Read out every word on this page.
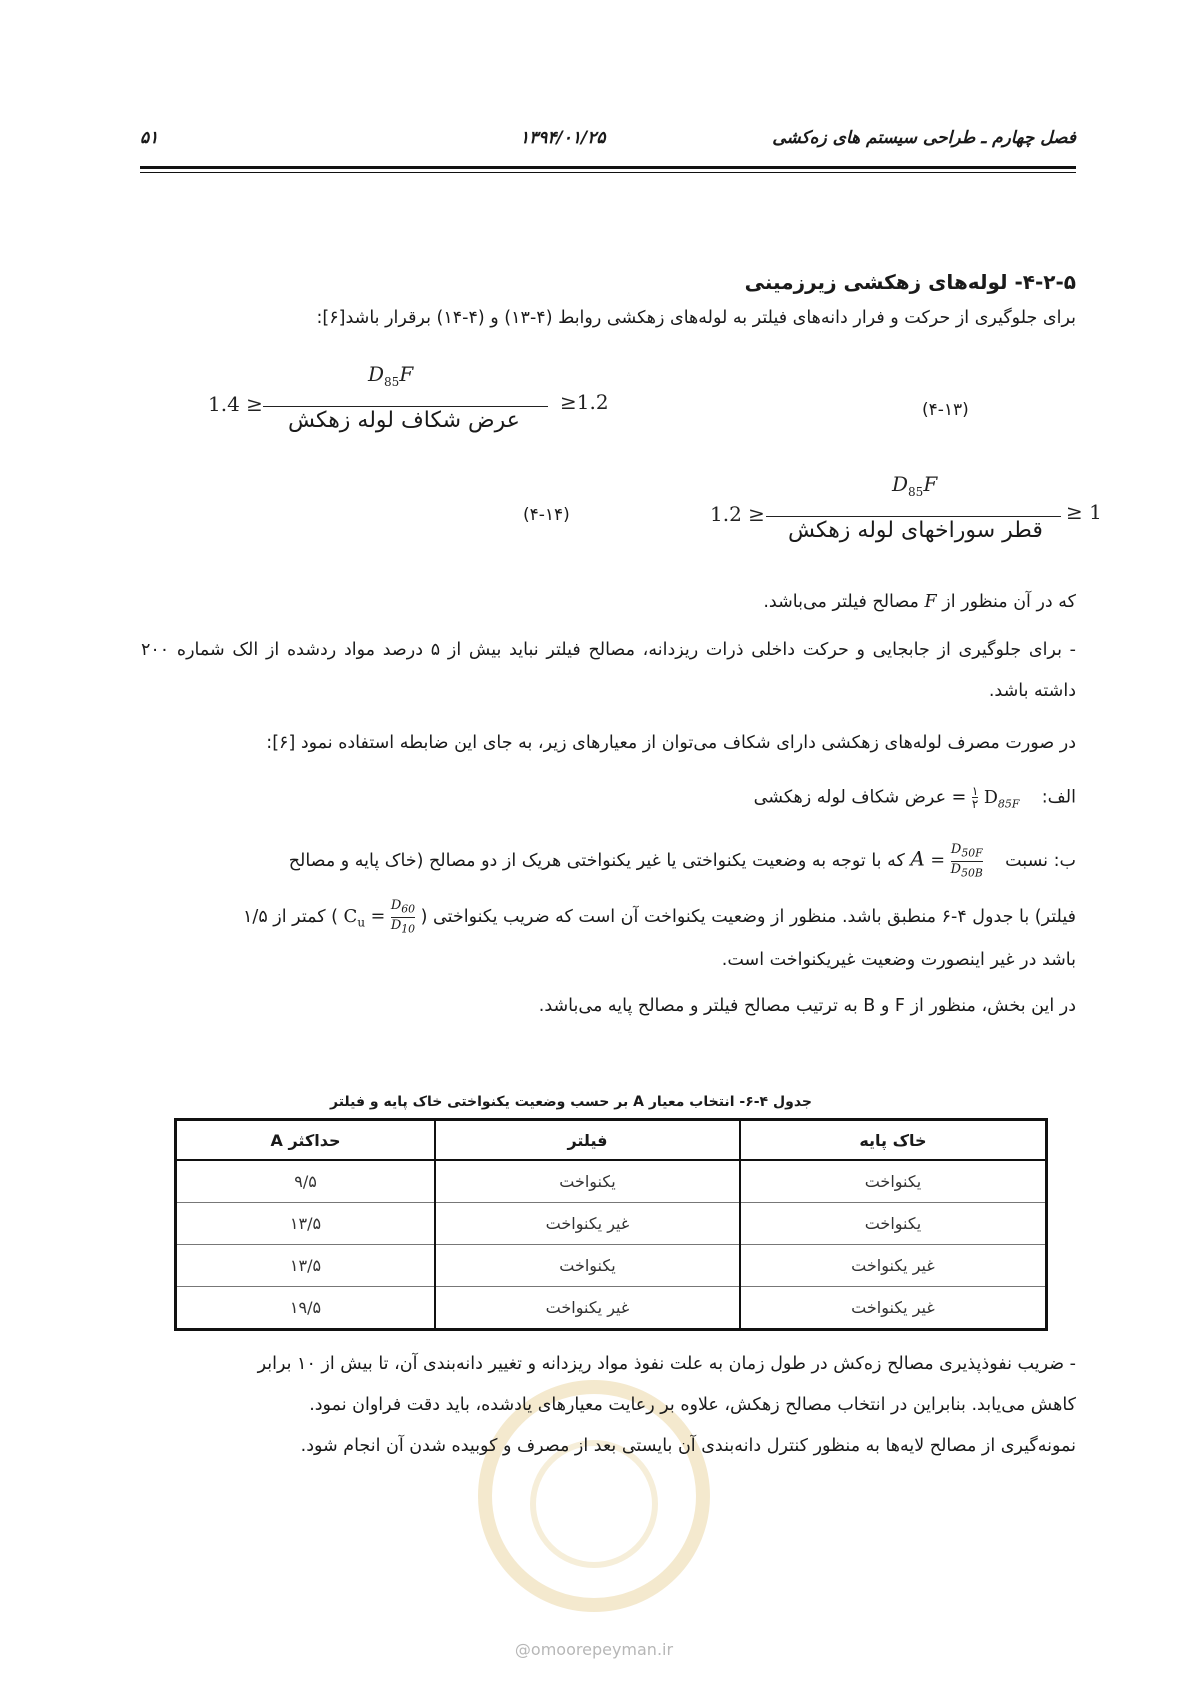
۵۱	۱۳۹۴/۰۱/۲۵	فصل چهارم ـ طراحی سیستم های زه‌کشی
۴-۲-۵- لوله‌های زهکشی زیرزمینی
برای جلوگیری از حرکت و فرار دانه‌های فیلتر به لوله‌های زهکشی روابط (۴-۱۳) و (۴-۱۴) برقرار باشد[۶]:
1.4 ≥
$D_{85}F$
عرض شکاف لوله زهکش
≥1.2	(۴-۱۳)
(۴-۱۴)	1.2 ≥
$D_{85}F$
قطر سوراخهای لوله زهکش
≥ 1
که در آن منظور از F مصالح فیلتر می‌باشد.
- برای جلوگیری از جابجایی و حرکت داخلی ذرات ریزدانه، مصالح فیلتر نباید بیش از ۵ درصد مواد ردشده از الک شماره ۲۰۰ داشته باشد.
در صورت مصرف لوله‌های زهکشی دارای شکاف می‌توان از معیارهای زیر، به جای این ضابطه استفاده نمود [۶]:
الف:    $D_{85F}$
۱
۲
= عرض شکاف لوله زهکشی
ب: نسبت    $A = \frac{D_{50F}}{D_{50B}}$
که با توجه به وضعیت یکنواختی یا غیر یکنواختی هریک از دو مصالح (خاک پایه و مصالح
فیلتر) با جدول ۴-۶ منطبق باشد. منظور از وضعیت یکنواخت آن است که ضریب یکنواختی ( $C_u = \frac{D_{60}}{D_{10}}$
) کمتر از ۱/۵
باشد در غیر اینصورت وضعیت غیریکنواخت است.
در این بخش، منظور از F و B به ترتیب مصالح فیلتر و مصالح پایه می‌باشد.
جدول ۴-۶- انتخاب معیار A بر حسب وضعیت یکنواختی خاک پایه و فیلتر
خاک پایه	فیلتر	حداکثر A
یکنواخت	یکنواخت	۹/۵
یکنواخت	غیر یکنواخت	۱۳/۵
غیر یکنواخت	یکنواخت	۱۳/۵
غیر یکنواخت	غیر یکنواخت	۱۹/۵
@omoorepeyman.ir
- ضریب نفوذپذیری مصالح زه‌کش در طول زمان به علت نفوذ مواد ریزدانه و تغییر دانه‌بندی آن، تا بیش از ۱۰ برابر
کاهش می‌یابد. بنابراین در انتخاب مصالح زهکش، علاوه بر رعایت معیارهای یادشده، باید دقت فراوان نمود.
نمونه‌گیری از مصالح لایه‌ها به منظور کنترل دانه‌بندی آن بایستی بعد از مصرف و کوبیده شدن آن انجام شود.
